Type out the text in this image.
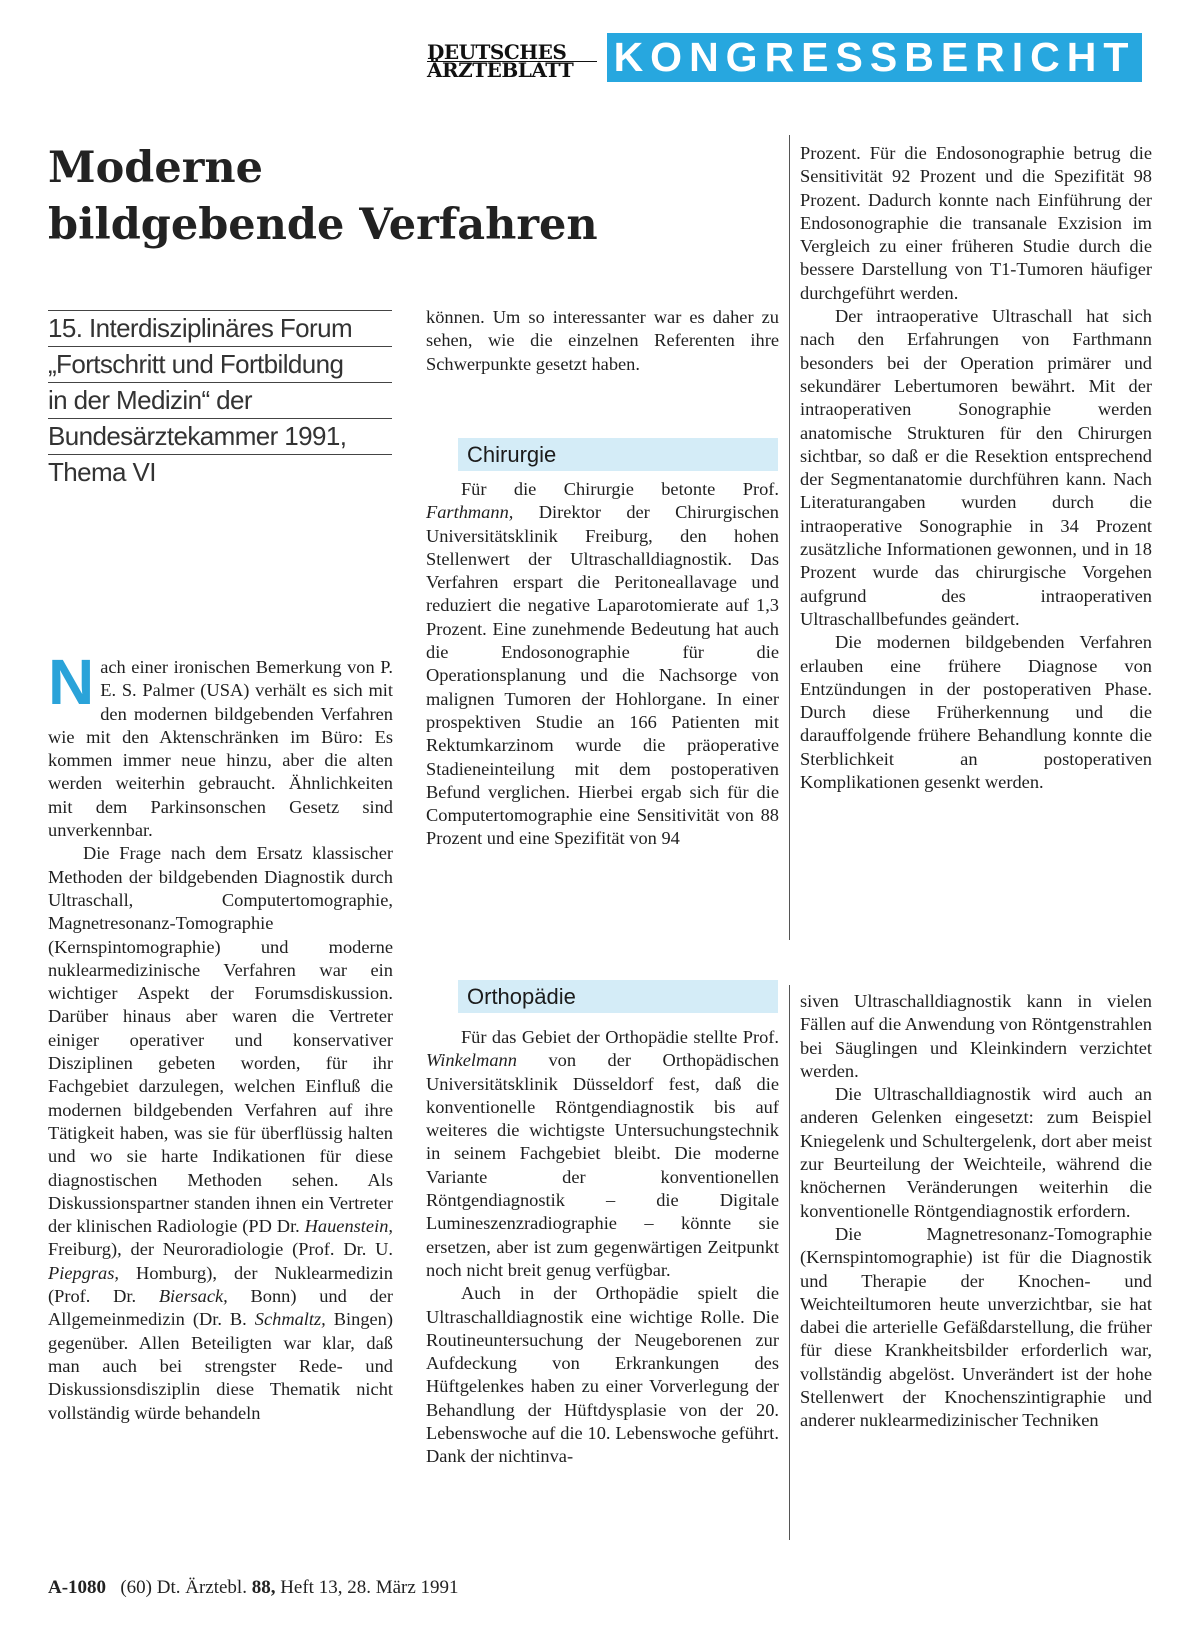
DEUTSCHES
ÄRZTEBLATT KONGRESSBERICHT
Moderne
bildgebende Verfahren
15. Interdisziplinäres Forum
„Fortschritt und Fortbildung
in der Medizin“ der
Bundesärztekammer 1991,
Thema VI

Nach einer ironischen Bemerkung von P. E. S. Palmer (USA) verhält es sich mit den modernen bildgebenden Verfahren wie mit den Aktenschränken im Büro: Es kommen immer neue hinzu, aber die alten werden weiterhin gebraucht. Ähnlichkeiten mit dem Parkinsonschen Gesetz sind unverkennbar.

Die Frage nach dem Ersatz klassischer Methoden der bildgebenden Diagnostik durch Ultraschall, Computertomographie, Magnetresonanz-Tomographie (Kernspintomographie) und moderne nuklearmedizinische Verfahren war ein wichtiger Aspekt der Forumsdiskussion. Darüber hinaus aber waren die Vertreter einiger operativer und konservativer Disziplinen gebeten worden, für ihr Fachgebiet darzulegen, welchen Einfluß die modernen bildgebenden Verfahren auf ihre Tätigkeit haben, was sie für überflüssig halten und wo sie harte Indikationen für diese diagnostischen Methoden sehen. Als Diskussionspartner standen ihnen ein Vertreter der klinischen Radiologie (PD Dr. Hauenstein, Freiburg), der Neuroradiologie (Prof. Dr. U. Piepgras, Homburg), der Nuklearmedizin (Prof. Dr. Biersack, Bonn) und der Allgemeinmedizin (Dr. B. Schmaltz, Bingen) gegenüber. Allen Beteiligten war klar, daß man auch bei strengster Rede- und Diskussionsdisziplin diese Thematik nicht vollständig würde behandeln

können. Um so interessanter war es daher zu sehen, wie die einzelnen Referenten ihre Schwerpunkte gesetzt haben.

Chirurgie

Für die Chirurgie betonte Prof. Farthmann, Direktor der Chirurgischen Universitätsklinik Freiburg, den hohen Stellenwert der Ultraschalldiagnostik. Das Verfahren erspart die Peritoneallavage und reduziert die negative Laparotomierate auf 1,3 Prozent. Eine zunehmende Bedeutung hat auch die Endosonographie für die Operationsplanung und die Nachsorge von malignen Tumoren der Hohlorgane. In einer prospektiven Studie an 166 Patienten mit Rektumkarzinom wurde die präoperative Stadieneinteilung mit dem postoperativen Befund verglichen. Hierbei ergab sich für die Computertomographie eine Sensitivität von 88 Prozent und eine Spezifität von 94

Orthopädie

Für das Gebiet der Orthopädie stellte Prof. Winkelmann von der Orthopädischen Universitätsklinik Düsseldorf fest, daß die konventionelle Röntgendiagnostik bis auf weiteres die wichtigste Untersuchungstechnik in seinem Fachgebiet bleibt. Die moderne Variante der konventionellen Röntgendiagnostik – die Digitale Lumineszenzradiographie – könnte sie ersetzen, aber ist zum gegenwärtigen Zeitpunkt noch nicht breit genug verfügbar.

Auch in der Orthopädie spielt die Ultraschalldiagnostik eine wichtige Rolle. Die Routineuntersuchung der Neugeborenen zur Aufdeckung von Erkrankungen des Hüftgelenkes haben zu einer Vorverlegung der Behandlung der Hüftdysplasie von der 20. Lebenswoche auf die 10. Lebenswoche geführt. Dank der nichtinva-

Prozent. Für die Endosonographie betrug die Sensitivität 92 Prozent und die Spezifität 98 Prozent. Dadurch konnte nach Einführung der Endosonographie die transanale Exzision im Vergleich zu einer früheren Studie durch die bessere Darstellung von T1-Tumoren häufiger durchgeführt werden.

Der intraoperative Ultraschall hat sich nach den Erfahrungen von Farthmann besonders bei der Operation primärer und sekundärer Lebertumoren bewährt. Mit der intraoperativen Sonographie werden anatomische Strukturen für den Chirurgen sichtbar, so daß er die Resektion entsprechend der Segmentanatomie durchführen kann. Nach Literaturangaben wurden durch die intraoperative Sonographie in 34 Prozent zusätzliche Informationen gewonnen, und in 18 Prozent wurde das chirurgische Vorgehen aufgrund des intraoperativen Ultraschallbefundes geändert.

Die modernen bildgebenden Verfahren erlauben eine frühere Diagnose von Entzündungen in der postoperativen Phase. Durch diese Früherkennung und die darauffolgende frühere Behandlung konnte die Sterblichkeit an postoperativen Komplikationen gesenkt werden.

siven Ultraschalldiagnostik kann in vielen Fällen auf die Anwendung von Röntgenstrahlen bei Säuglingen und Kleinkindern verzichtet werden.

Die Ultraschalldiagnostik wird auch an anderen Gelenken eingesetzt: zum Beispiel Kniegelenk und Schultergelenk, dort aber meist zur Beurteilung der Weichteile, während die knöchernen Veränderungen weiterhin die konventionelle Röntgendiagnostik erfordern.

Die Magnetresonanz-Tomographie (Kernspintomographie) ist für die Diagnostik und Therapie der Knochen- und Weichteiltumoren heute unverzichtbar, sie hat dabei die arterielle Gefäßdarstellung, die früher für diese Krankheitsbilder erforderlich war, vollständig abgelöst. Unverändert ist der hohe Stellenwert der Knochenszintigraphie und anderer nuklearmedizinischer Techniken

A-1080 (60) Dt. Ärztebl. 88, Heft 13, 28. März 1991
